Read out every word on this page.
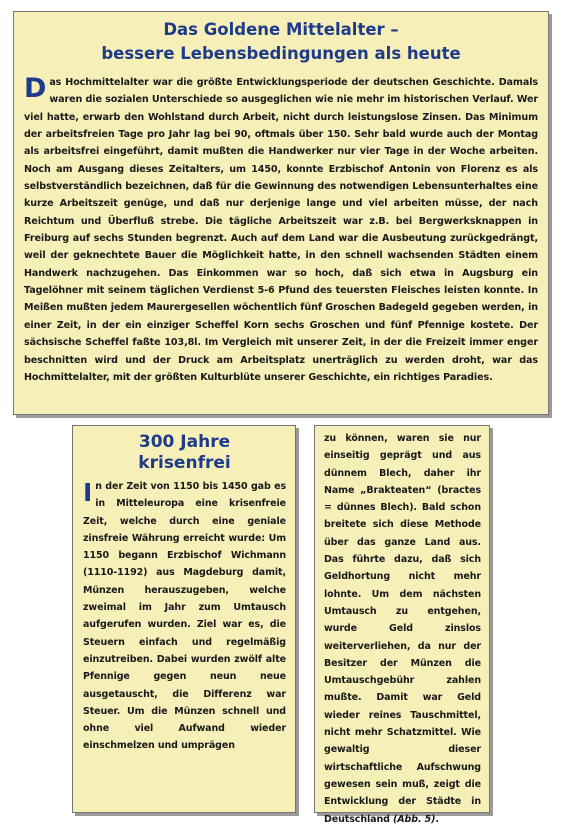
Das Goldene Mittelalter –
bessere Lebensbedingungen als heute

Das Hochmittelalter war die größte Entwicklungsperiode der deutschen Geschichte. Damals waren die sozialen Unterschiede so ausgeglichen wie nie mehr im historischen Verlauf. Wer viel hatte, erwarb den Wohlstand durch Arbeit, nicht durch leistungslose Zinsen. Das Minimum der arbeitsfreien Tage pro Jahr lag bei 90, oftmals über 150. Sehr bald wurde auch der Montag als arbeitsfrei eingeführt, damit mußten die Handwerker nur vier Tage in der Woche arbeiten. Noch am Ausgang dieses Zeitalters, um 1450, konnte Erzbischof Antonin von Florenz es als selbstverständlich bezeichnen, daß für die Gewinnung des notwendigen Lebensunterhaltes eine kurze Arbeitszeit genüge, und daß nur derjenige lange und viel arbeiten müsse, der nach Reichtum und Überfluß strebe. Die tägliche Arbeitszeit war z.B. bei Bergwerksknappen in Freiburg auf sechs Stunden begrenzt. Auch auf dem Land war die Ausbeutung zurückgedrängt, weil der geknechtete Bauer die Möglichkeit hatte, in den schnell wachsenden Städten einem Handwerk nachzugehen. Das Einkommen war so hoch, daß sich etwa in Augsburg ein Tagelöhner mit seinem täglichen Verdienst 5-6 Pfund des teuersten Fleisches leisten konnte. In Meißen mußten jedem Maurergesellen wöchentlich fünf Groschen Badegeld gegeben werden, in einer Zeit, in der ein einziger Scheffel Korn sechs Groschen und fünf Pfennige kostete. Der sächsische Scheffel faßte 103,8l. Im Vergleich mit unserer Zeit, in der die Freizeit immer enger beschnitten wird und der Druck am Arbeitsplatz unerträglich zu werden droht, war das Hochmittelalter, mit der größten Kulturblüte unserer Geschichte, ein richtiges Paradies.

300 Jahre
krisenfrei

In der Zeit von 1150 bis 1450 gab es in Mitteleuropa eine krisenfreie Zeit, welche durch eine geniale zinsfreie Währung erreicht wurde: Um 1150 begann Erzbischof Wichmann (1110-1192) aus Magdeburg damit, Münzen herauszugeben, welche zweimal im Jahr zum Umtausch aufgerufen wurden. Ziel war es, die Steuern einfach und regelmäßig einzutreiben. Dabei wurden zwölf alte Pfennige gegen neun neue ausgetauscht, die Differenz war Steuer. Um die Münzen schnell und ohne viel Aufwand wieder einschmelzen und umprägen

zu können, waren sie nur einseitig geprägt und aus dünnem Blech, daher ihr Name „Brakteaten“ (bractes = dünnes Blech). Bald schon breitete sich diese Methode über das ganze Land aus. Das führte dazu, daß sich Geldhortung nicht mehr lohnte. Um dem nächsten Umtausch zu entgehen, wurde Geld zinslos weiterverliehen, da nur der Besitzer der Münzen die Umtauschgebühr zahlen mußte. Damit war Geld wieder reines Tauschmittel, nicht mehr Schatzmittel. Wie gewaltig dieser wirtschaftliche Aufschwung gewesen sein muß, zeigt die Entwicklung der Städte in Deutschland (Abb. 5).
